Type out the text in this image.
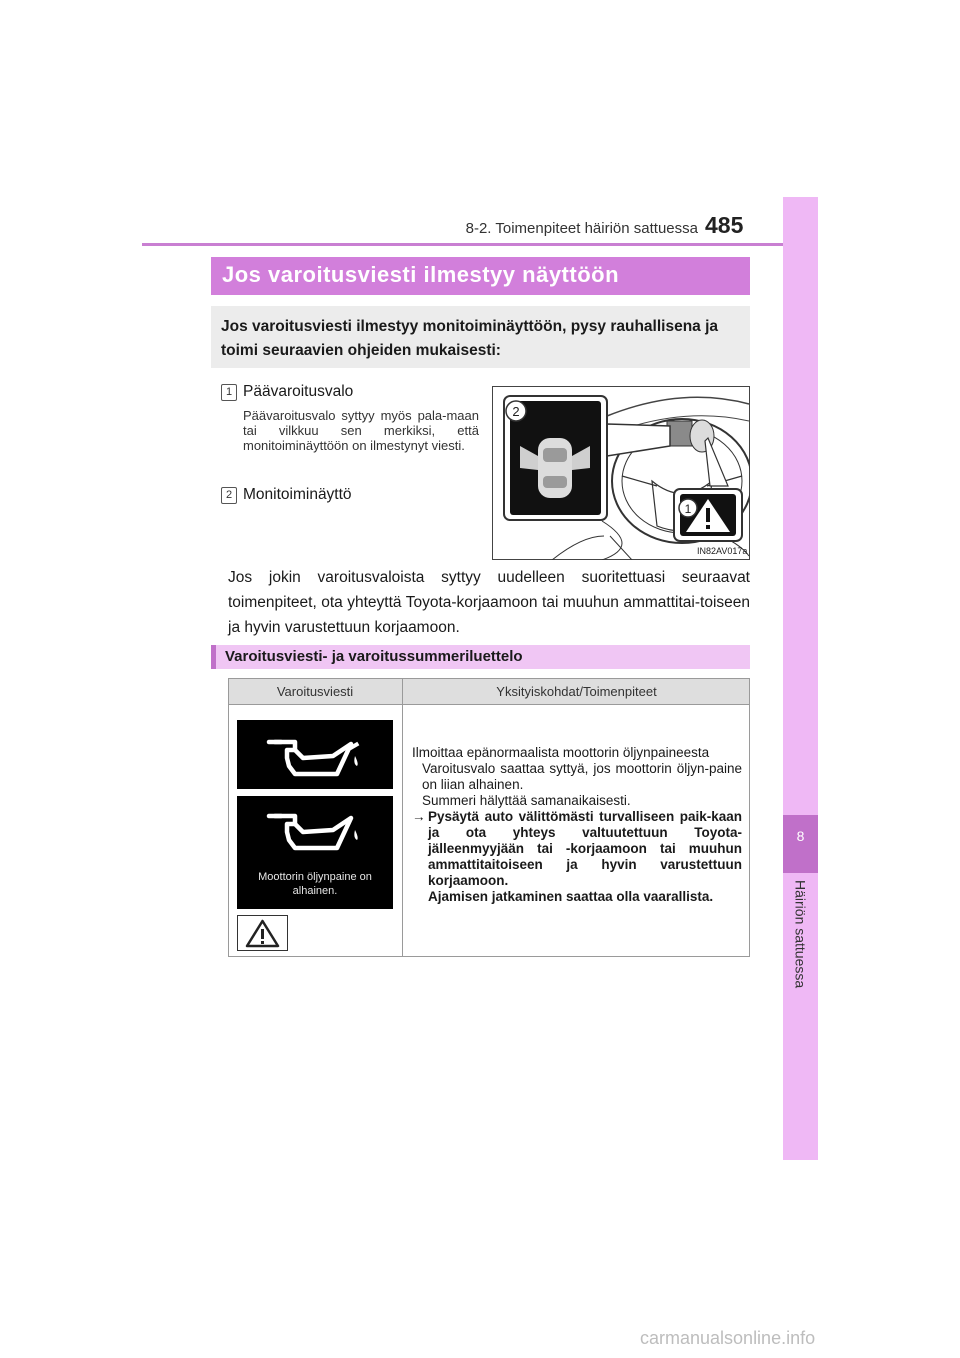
8-2. Toimenpiteet häiriön sattuessa 485
8
Häiriön sattuessa
Jos varoitusviesti ilmestyy näyttöön

Jos varoitusviesti ilmestyy monitoiminäyttöön, pysy rauhallisena ja toimi seuraavien ohjeiden mukaisesti:

1 Päävaroitusvalo
Päävaroitusvalo syttyy myös pala-maan tai vilkkuu sen merkiksi, että monitoiminäyttöön on ilmestynyt viesti.
2 Monitoiminäyttö
2
1
IN82AV017a
Jos jokin varoitusvaloista syttyy uudelleen suoritettuasi seuraavat toimenpiteet, ota yhteyttä Toyota-korjaamoon tai muuhun ammattitai-toiseen ja hyvin varustettuun korjaamoon.
Varoitusviesti- ja varoitussummeriluettelo
Varoitusviesti	Yksityiskohdat/Toimenpiteet
Moottorin öljynpaine on alhainen.
Ilmoittaa epänormaalista moottorin öljynpaineesta
Varoitusvalo saattaa syttyä, jos moottorin öljyn-paine on liian alhainen.
Summeri hälyttää samanaikaisesti.
→ Pysäytä auto välittömästi turvalliseen paik-kaan ja ota yhteys valtuutettuun Toyota-jälleenmyyjään tai -korjaamoon tai muuhun ammattitaitoiseen ja hyvin varustettuun korjaamoon.
Ajamisen jatkaminen saattaa olla vaarallista.
carmanualsonline.info
